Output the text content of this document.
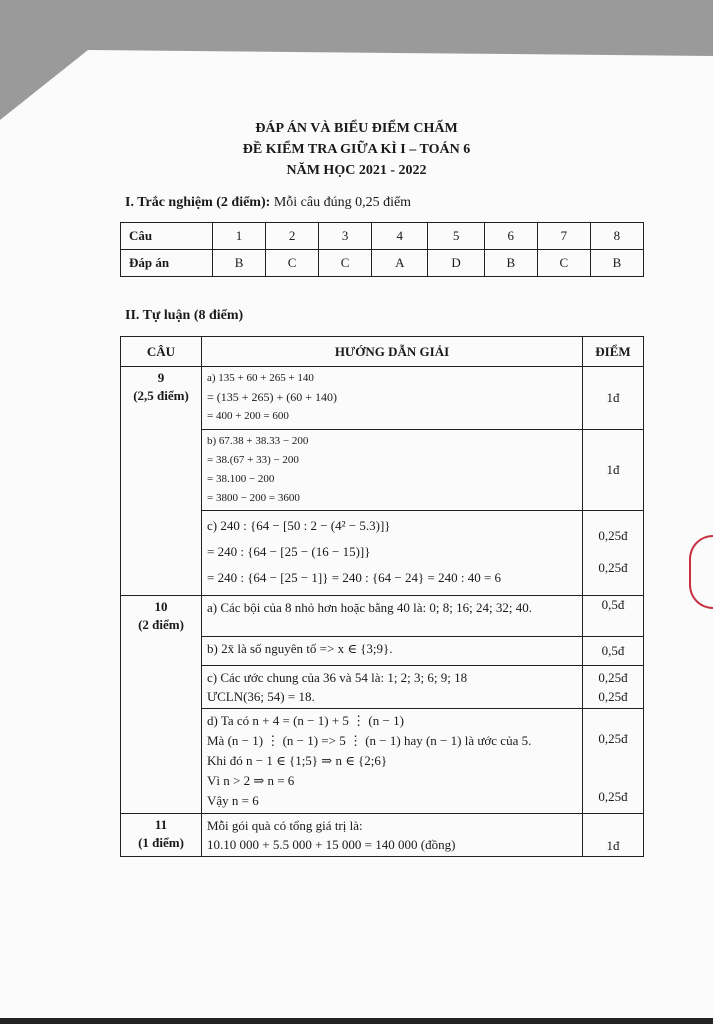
ĐÁP ÁN VÀ BIỂU ĐIỂM CHẤM
ĐỀ KIỂM TRA GIỮA KÌ I – TOÁN 6
NĂM HỌC 2021 - 2022
I. Trắc nghiệm (2 điểm): Mỗi câu đúng 0,25 điểm
Câu	1	2	3	4	5	6	7	8
Đáp án	B	C	C	A	D	B	C	B
II. Tự luận (8 điểm)
CÂU	HƯỚNG DẪN GIẢI	ĐIỂM

9
(2,5 điểm)	a) 135 + 60 + 265 + 140
= (135 + 265) + (60 + 140)
= 400 + 200 = 600	1đ

	b) 67.38 + 38.33 − 200
= 38.(67 + 33) − 200
= 38.100 − 200
= 3800 − 200 = 3600	1đ

	c) 240 : {64 − [50 : 2 − (4² − 5.3)]}
= 240 : {64 − [25 − (16 − 15)]}
= 240 : {64 − [25 − 1]} = 240 : {64 − 24} = 240 : 40 = 6	0,25đ
0,25đ

10
(2 điểm)	a) Các bội của 8 nhỏ hơn hoặc bằng 40 là: 0; 8; 16; 24; 32; 40.	0,5đ
	b) 2x̄ là số nguyên tố => x ∈ {3;9}.	0,5đ

	c) Các ước chung của 36 và 54 là: 1; 2; 3; 6; 9; 18
ƯCLN(36; 54) = 18.	0,25đ
0,25đ

	d) Ta có n + 4 = (n − 1) + 5 ⋮ (n − 1)
Mà (n − 1) ⋮ (n − 1) => 5 ⋮ (n − 1) hay (n − 1) là ước của 5.
Khi đó n − 1 ∈ {1;5} ⇒ n ∈ {2;6}
Vì n > 2 ⇒ n = 6
Vậy n = 6	0,25đ
0,25đ

11
(1 điểm)	Mỗi gói quà có tổng giá trị là:
10.10 000 + 5.5 000 + 15 000 = 140 000 (đồng)	1đ
